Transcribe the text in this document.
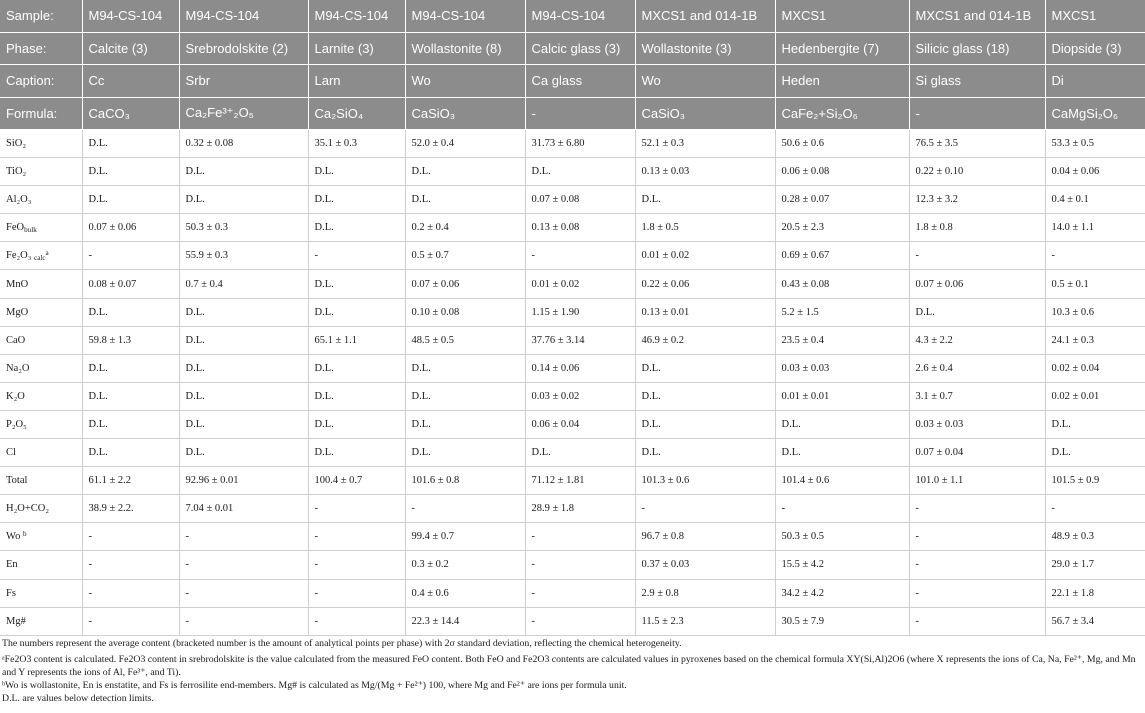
Sample:	M94-CS-104	M94-CS-104	M94-CS-104	M94-CS-104	M94-CS-104	MXCS1 and 014-1B	MXCS1	MXCS1 and 014-1B	MXCS1
Phase:	Calcite (3)	Srebrodolskite (2)	Larnite (3)	Wollastonite (8)	Calcic glass (3)	Wollastonite (3)	Hedenbergite (7)	Silicic glass (18)	Diopside (3)
Caption:	Cc	Srbr	Larn	Wo	Ca glass	Wo	Heden	Si glass	Di
Formula:	CaCO₃	Ca₂Fe³⁺₂O₅	Ca₂SiO₄	CaSiO₃	-	CaSiO₃	CaFe₂+Si₂O₆	-	CaMgSi₂O₆
SiO₂	D.L.	0.32 ± 0.08	35.1 ± 0.3	52.0 ± 0.4	31.73 ± 6.80	52.1 ± 0.3	50.6 ± 0.6	76.5 ± 3.5	53.3 ± 0.5
TiO₂	D.L.	D.L.	D.L.	D.L.	D.L.	0.13 ± 0.03	0.06 ± 0.08	0.22 ± 0.10	0.04 ± 0.06
Al₂O₃	D.L.	D.L.	D.L.	D.L.	0.07 ± 0.08	D.L.	0.28 ± 0.07	12.3 ± 3.2	0.4 ± 0.1
FeO$_{bulk}$	0.07 ± 0.06	50.3 ± 0.3	D.L.	0.2 ± 0.4	0.13 ± 0.08	1.8 ± 0.5	20.5 ± 2.3	1.8 ± 0.8	14.0 ± 1.1
Fe₂O₃ $_{calc}^a$	-	55.9 ± 0.3	-	0.5 ± 0.7	-	0.01 ± 0.02	0.69 ± 0.67	-	-
MnO	0.08 ± 0.07	0.7 ± 0.4	D.L.	0.07 ± 0.06	0.01 ± 0.02	0.22 ± 0.06	0.43 ± 0.08	0.07 ± 0.06	0.5 ± 0.1
MgO	D.L.	D.L.	D.L.	0.10 ± 0.08	1.15 ± 1.90	0.13 ± 0.01	5.2 ± 1.5	D.L.	10.3 ± 0.6
CaO	59.8 ± 1.3	D.L.	65.1 ± 1.1	48.5 ± 0.5	37.76 ± 3.14	46.9 ± 0.2	23.5 ± 0.4	4.3 ± 2.2	24.1 ± 0.3
Na₂O	D.L.	D.L.	D.L.	D.L.	0.14 ± 0.06	D.L.	0.03 ± 0.03	2.6 ± 0.4	0.02 ± 0.04
K₂O	D.L.	D.L.	D.L.	D.L.	0.03 ± 0.02	D.L.	0.01 ± 0.01	3.1 ± 0.7	0.02 ± 0.01
P₂O₅	D.L.	D.L.	D.L.	D.L.	0.06 ± 0.04	D.L.	D.L.	0.03 ± 0.03	D.L.
Cl	D.L.	D.L.	D.L.	D.L.	D.L.	D.L.	D.L.	0.07 ± 0.04	D.L.
Total	61.1 ± 2.2	92.96 ± 0.01	100.4 ± 0.7	101.6 ± 0.8	71.12 ± 1.81	101.3 ± 0.6	101.4 ± 0.6	101.0 ± 1.1	101.5 ± 0.9
H₂O+CO₂	38.9 ± 2.2.	7.04 ± 0.01	-	-	28.9 ± 1.8	-	-	-	-
Wo $^b$	-	-	-	99.4 ± 0.7	-	96.7 ± 0.8	50.3 ± 0.5	-	48.9 ± 0.3
En	-	-	-	0.3 ± 0.2	-	0.37 ± 0.03	15.5 ± 4.2	-	29.0 ± 1.7
Fs	-	-	-	0.4 ± 0.6	-	2.9 ± 0.8	34.2 ± 4.2	-	22.1 ± 1.8
Mg#	-	-	-	22.3 ± 14.4	-	11.5 ± 2.3	30.5 ± 7.9	-	56.7 ± 3.4

The numbers represent the average content (bracketed number is the amount of analytical points per phase) with 2σ standard deviation, reflecting the chemical heterogeneity.

ᵃFe2O3 content is calculated. Fe2O3 content in srebrodolskite is the value calculated from the measured FeO content. Both FeO and Fe2O3 contents are calculated values in pyroxenes based on the chemical formula XY(Si,Al)2O6 (where X represents the ions of Ca, Na, Fe²⁺, Mg, and Mn and Y represents the ions of Al, Fe³⁺, and Ti).

ᵇWo is wollastonite, En is enstatite, and Fs is ferrosilite end-members. Mg# is calculated as Mg/(Mg + Fe²⁺) 100, where Mg and Fe²⁺ are ions per formula unit.

D.L. are values below detection limits.
